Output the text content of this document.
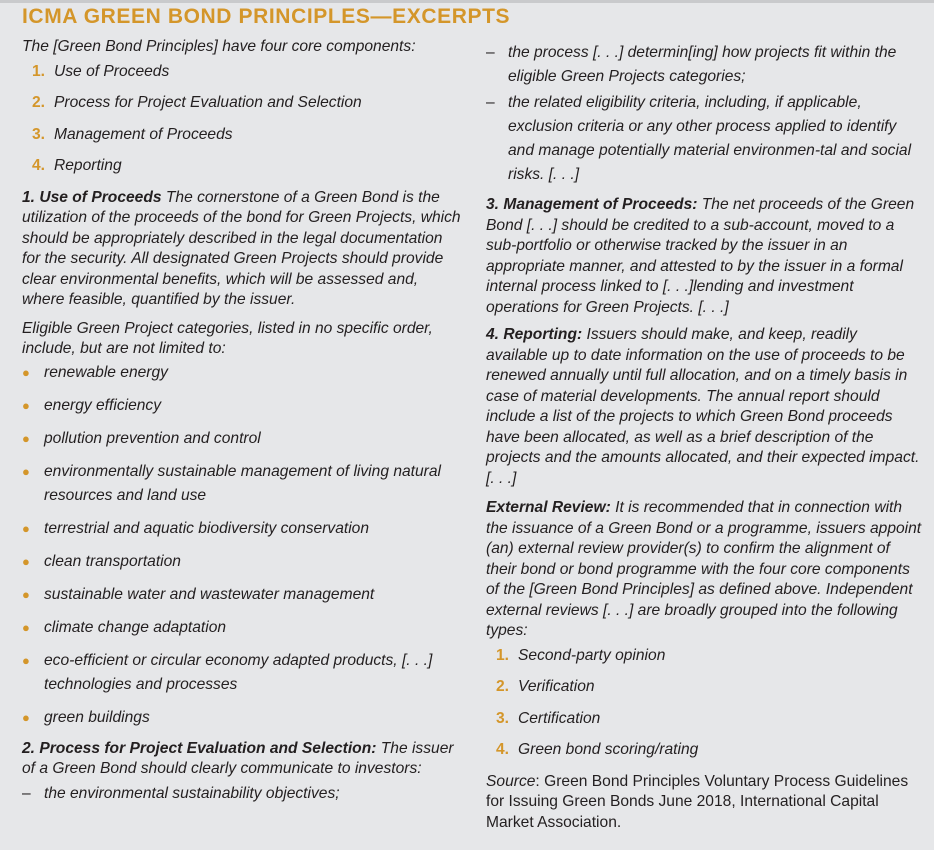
ICMA GREEN BOND PRINCIPLES—EXCERPTS

The [Green Bond Principles] have four core components:

1. Use of Proceeds
2. Process for Project Evaluation and Selection
3. Management of Proceeds
4. Reporting

1. Use of Proceeds The cornerstone of a Green Bond is the utilization of the proceeds of the bond for Green Projects, which should be appropriately described in the legal documentation for the security. All designated Green Projects should provide clear environmental benefits, which will be assessed and, where feasible, quantified by the issuer.

Eligible Green Project categories, listed in no specific order, include, but are not limited to:

● renewable energy
● energy efficiency
● pollution prevention and control
● environmentally sustainable management of living natural resources and land use
● terrestrial and aquatic biodiversity conservation
● clean transportation
● sustainable water and wastewater management
● climate change adaptation
● eco-efficient or circular economy adapted products, [. . .] technologies and processes
● green buildings

2. Process for Project Evaluation and Selection: The issuer of a Green Bond should clearly communicate to investors:

– the environmental sustainability objectives;
– the process [. . .] determin[ing] how projects fit within the eligible Green Projects categories;
– the related eligibility criteria, including, if applicable, exclusion criteria or any other process applied to identify and manage potentially material environmen-tal and social risks. [. . .]

3. Management of Proceeds: The net proceeds of the Green Bond [. . .] should be credited to a sub-account, moved to a sub-portfolio or otherwise tracked by the issuer in an appropriate manner, and attested to by the issuer in a formal internal process linked to [. . .]lending and investment operations for Green Projects. [. . .]

4. Reporting: Issuers should make, and keep, readily available up to date information on the use of proceeds to be renewed annually until full allocation, and on a timely basis in case of material developments. The annual report should include a list of the projects to which Green Bond proceeds have been allocated, as well as a brief description of the projects and the amounts allocated, and their expected impact. [. . .]

External Review: It is recommended that in connection with the issuance of a Green Bond or a programme, issuers appoint (an) external review provider(s) to confirm the alignment of their bond or bond programme with the four core components of the [Green Bond Principles] as defined above. Independent external reviews [. . .] are broadly grouped into the following types:

1. Second-party opinion
2. Verification
3. Certification
4. Green bond scoring/rating

Source: Green Bond Principles Voluntary Process Guidelines for Issuing Green Bonds June 2018, International Capital Market Association.
